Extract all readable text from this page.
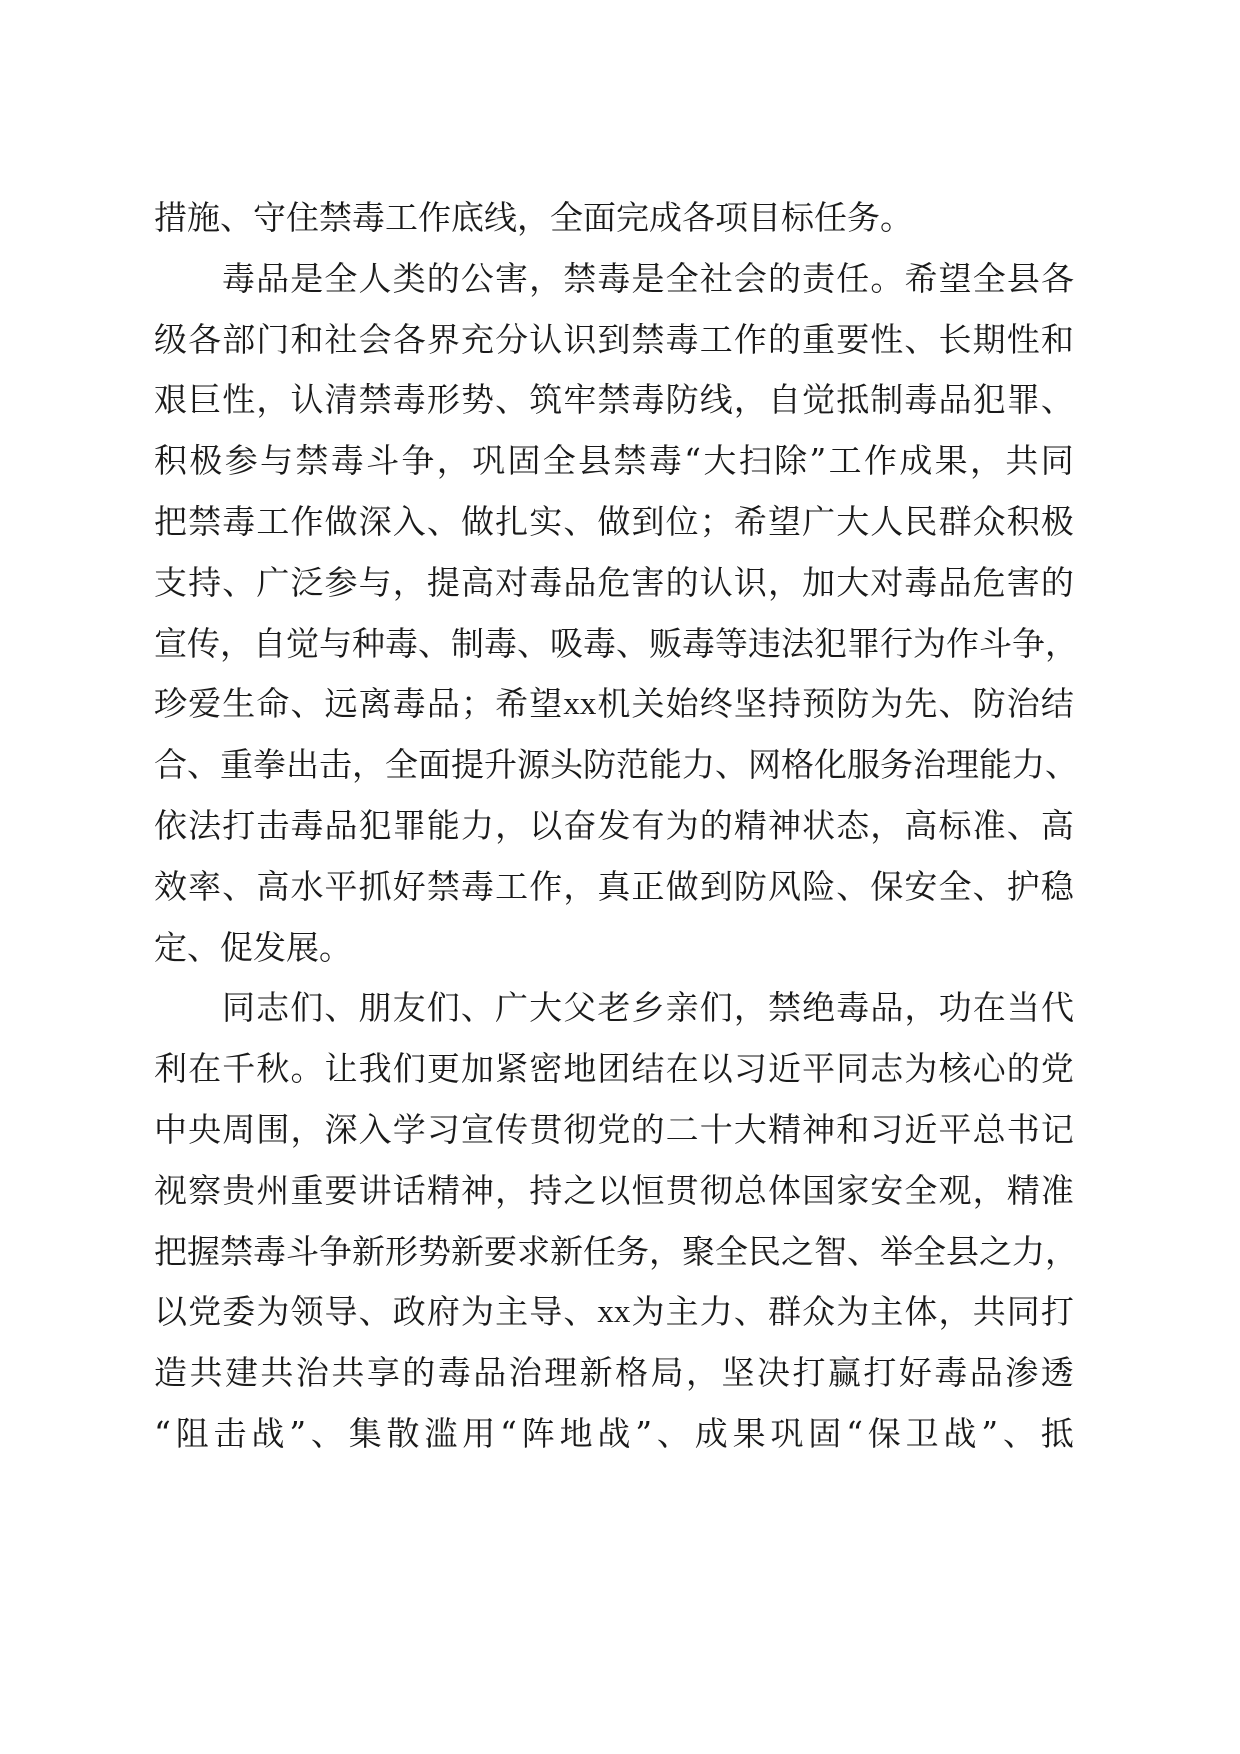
措施、守住禁毒工作底线，全面完成各项目标任务。
毒 品 是 全 人 类 的 公 害 ， 禁 毒 是 全 社 会 的 责 任 。 希 望 全 县 各
级 各 部 门 和 社 会 各 界 充 分 认 识 到 禁 毒 工 作 的 重 要 性 、 长 期 性 和
艰 巨 性 ， 认 清 禁 毒 形 势 、 筑 牢 禁 毒 防 线 ， 自 觉 抵 制 毒 品 犯 罪 、
积 极 参 与 禁 毒 斗 争 ， 巩 固 全 县 禁 毒 “ 大 扫 除 ” 工 作 成 果 ， 共 同
把 禁 毒 工 作 做 深 入 、 做 扎 实 、 做 到 位 ； 希 望 广 大 人 民 群 众 积 极
支 持 、 广 泛 参 与 ， 提 高 对 毒 品 危 害 的 认 识 ， 加 大 对 毒 品 危 害 的
宣 传 ， 自 觉 与 种 毒 、 制 毒 、 吸 毒 、 贩 毒 等 违 法 犯 罪 行 为 作 斗 争 ，
珍 爱 生 命 、 远 离 毒 品 ； 希 望 xx 机 关 始 终 坚 持 预 防 为 先 、 防 治 结
合 、 重 拳 出 击 ， 全 面 提 升 源 头 防 范 能 力 、 网 格 化 服 务 治 理 能 力 、
依 法 打 击 毒 品 犯 罪 能 力 ， 以 奋 发 有 为 的 精 神 状 态 ， 高 标 准 、 高
效 率 、 高 水 平 抓 好 禁 毒 工 作 ， 真 正 做 到 防 风 险 、 保 安 全 、 护 稳
定、促发展。
同 志 们 、 朋 友 们 、 广 大 父 老 乡 亲 们 ， 禁 绝 毒 品 ， 功 在 当 代
利 在 千 秋 。 让 我 们 更 加 紧 密 地 团 结 在 以 习 近 平 同 志 为 核 心 的 党
中 央 周 围 ， 深 入 学 习 宣 传 贯 彻 党 的 二 十 大 精 神 和 习 近 平 总 书 记
视 察 贵 州 重 要 讲 话 精 神 ， 持 之 以 恒 贯 彻 总 体 国 家 安 全 观 ， 精 准
把 握 禁 毒 斗 争 新 形 势 新 要 求 新 任 务 ， 聚 全 民 之 智 、 举 全 县 之 力 ，
以 党 委 为 领 导 、 政 府 为 主 导 、 xx 为 主 力 、 群 众 为 主 体 ， 共 同 打
造 共 建 共 治 共 享 的 毒 品 治 理 新 格 局 ， 坚 决 打 赢 打 好 毒 品 渗 透
“ 阻 击 战 ” 、 集 散 滥 用 “ 阵 地 战 ” 、 成 果 巩 固 “ 保 卫 战 ” 、 抵
